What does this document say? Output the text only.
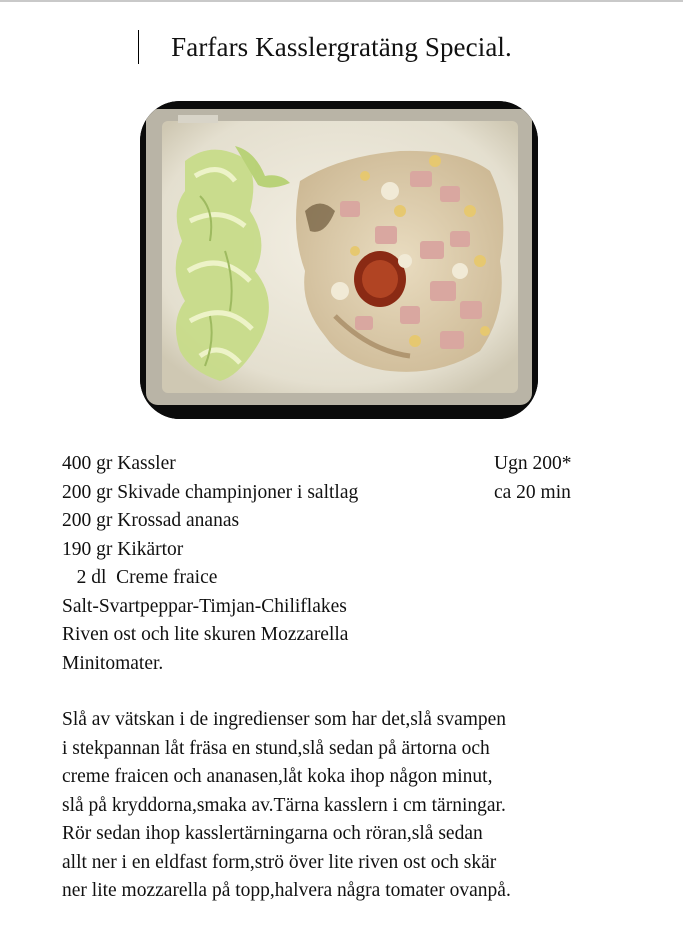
Farfars Kasslergratäng Special.
400 gr Kassler
200 gr Skivade champinjoner i saltlag
200 gr Krossad ananas
190 gr Kikärtor
2 dl  Creme fraice
Salt-Svartpeppar-Timjan-Chiliflakes
Riven ost och lite skuren Mozzarella
Minitomater.
Ugn 200*
ca 20 min
Slå av vätskan i de ingredienser som har det,slå svampen
i stekpannan låt fräsa en stund,slå sedan på ärtorna och
creme fraicen och ananasen,låt koka ihop någon minut,
slå på kryddorna,smaka av.Tärna kasslern i cm tärningar.
Rör sedan ihop kasslertärningarna och röran,slå sedan
allt ner i en eldfast form,strö över lite riven ost och skär
ner lite mozzarella på topp,halvera några tomater ovanpå.
